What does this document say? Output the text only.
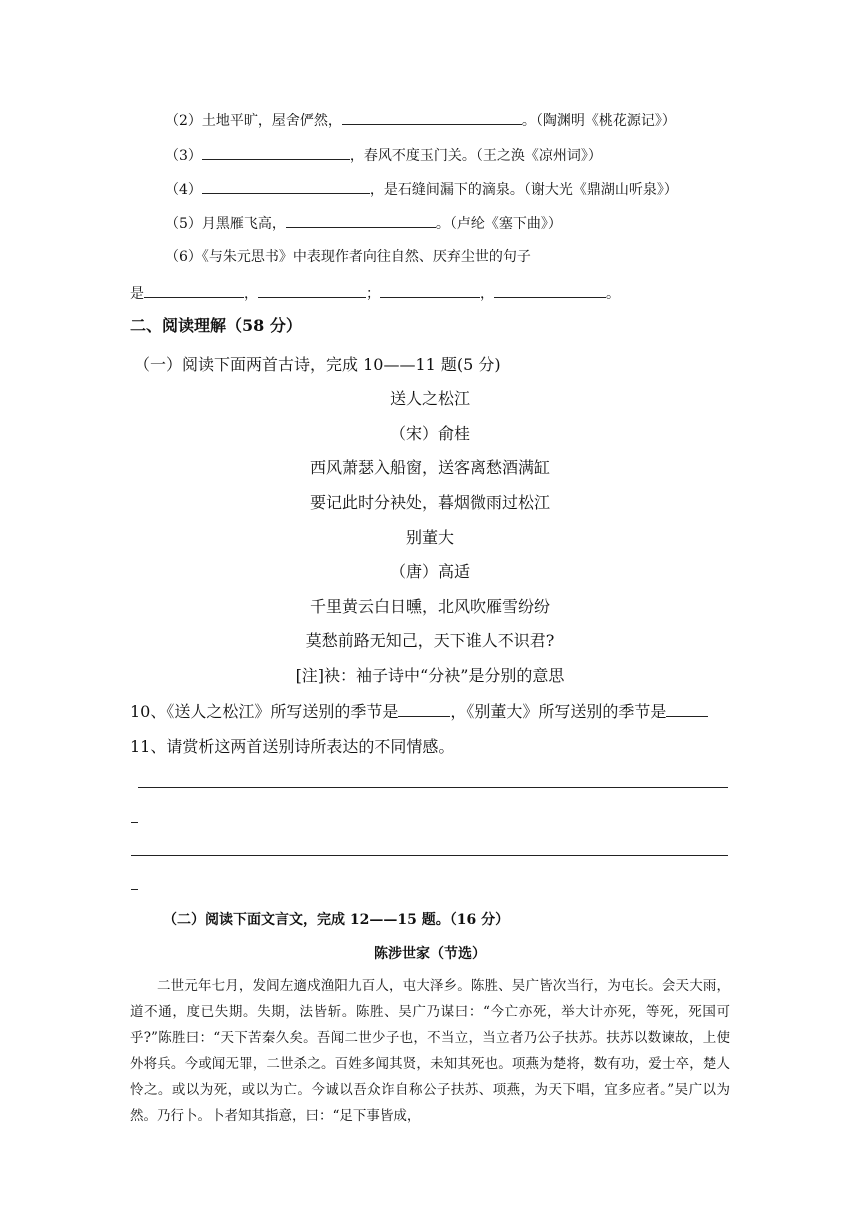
（2）土地平旷，屋舍俨然，	。（陶渊明《桃花源记》）
（3）	，春风不度玉门关。（王之涣《凉州词》）
（4）	，是石缝间漏下的滴泉。（谢大光《鼎湖山听泉》）
（5）月黑雁飞高，	。（卢纶《塞下曲》）
（6）《与朱元思书》中表现作者向往自然、厌弃尘世的句子
是	，	；	，	。
二、阅读理解（58 分）
（一）阅读下面两首古诗，完成 10——11 题(5 分)
送人之松江
（宋）俞桂
西风萧瑟入船窗，送客离愁酒满缸
要记此时分袂处，暮烟微雨过松江
别董大
（唐）高适
千里黄云白日曛，北风吹雁雪纷纷
莫愁前路无知己，天下谁人不识君?
[注]袂：袖子诗中“分袂”是分别的意思
10、《送人之松江》所写送别的季节是	，《别董大》所写送别的季节是
11、请赏析这两首送别诗所表达的不同情感。
（二）阅读下面文言文，完成 12——15 题。（16 分）
陈涉世家（节选）
二世元年七月，发闾左適戍渔阳九百人，屯大泽乡。陈胜、吴广皆次当行，为屯长。会天大雨，道不通，度已失期。失期，法皆斩。陈胜、吴广乃谋曰：“今亡亦死，举大计亦死，等死，死国可乎?”陈胜曰：“天下苦秦久矣。吾闻二世少子也，不当立，当立者乃公子扶苏。扶苏以数谏故，上使外将兵。今或闻无罪，二世杀之。百姓多闻其贤，未知其死也。项燕为楚将，数有功，爱士卒，楚人怜之。或以为死，或以为亡。今诚以吾众诈自称公子扶苏、项燕，为天下唱，宜多应者。”吴广以为然。乃行卜。卜者知其指意，曰：“足下事皆成，
